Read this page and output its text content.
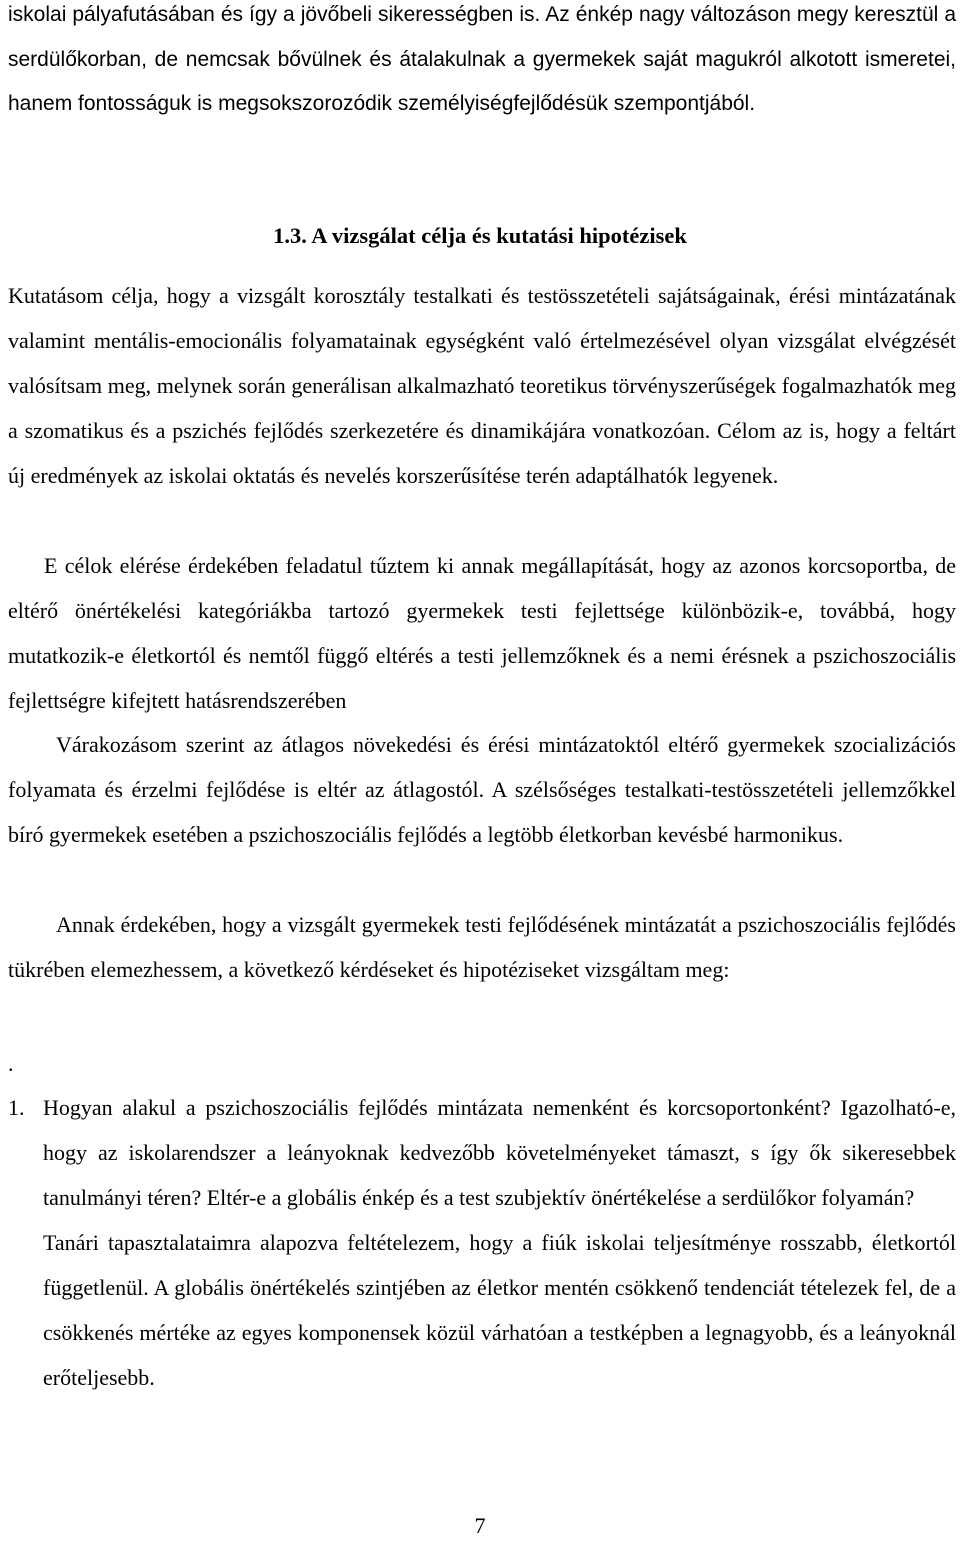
iskolai pályafutásában és így a jövőbeli sikerességben is. Az énkép nagy változáson megy keresztül a serdülőkorban, de nemcsak bővülnek és átalakulnak a gyermekek saját magukról alkotott ismeretei, hanem fontosságuk is megsokszorozódik személyiségfejlődésük szempontjából.

1.3. A vizsgálat célja és kutatási hipotézisek

Kutatásom célja, hogy a vizsgált korosztály testalkati és testösszetételi sajátságainak, érési mintázatának valamint mentális-emocionális folyamatainak egységként való értelmezésével olyan vizsgálat elvégzését valósítsam meg, melynek során generálisan alkalmazható teoretikus törvényszerűségek fogalmazhatók meg a szomatikus és a pszichés fejlődés szerkezetére és dinamikájára vonatkozóan. Célom az is, hogy a feltárt új eredmények az iskolai oktatás és nevelés korszerűsítése terén adaptálhatók legyenek.

E célok elérése érdekében feladatul tűztem ki annak megállapítását, hogy az azonos korcsoportba, de eltérő önértékelési kategóriákba tartozó gyermekek testi fejlettsége különbözik-e, továbbá, hogy mutatkozik-e életkortól és nemtől függő eltérés a testi jellemzőknek és a nemi érésnek a pszichoszociális fejlettségre kifejtett hatásrendszerében

Várakozásom szerint az átlagos növekedési és érési mintázatoktól eltérő gyermekek szocializációs folyamata és érzelmi fejlődése is eltér az átlagostól. A szélsőséges testalkati-testösszetételi jellemzőkkel bíró gyermekek esetében a pszichoszociális fejlődés a legtöbb életkorban kevésbé harmonikus.

Annak érdekében, hogy a vizsgált gyermekek testi fejlődésének mintázatát a pszichoszociális fejlődés tükrében elemezhessem, a következő kérdéseket és hipotéziseket vizsgáltam meg:

.

1. Hogyan alakul a pszichoszociális fejlődés mintázata nemenként és korcsoportonként? Igazolható-e, hogy az iskolarendszer a leányoknak kedvezőbb követelményeket támaszt, s így ők sikeresebbek tanulmányi téren? Eltér-e a globális énkép és a test szubjektív önértékelése a serdülőkor folyamán?

Tanári tapasztalataimra alapozva feltételezem, hogy a fiúk iskolai teljesítménye rosszabb, életkortól függetlenül. A globális önértékelés szintjében az életkor mentén csökkenő tendenciát tételezek fel, de a csökkenés mértéke az egyes komponensek közül várhatóan a testképben a legnagyobb, és a leányoknál erőteljesebb.

7
